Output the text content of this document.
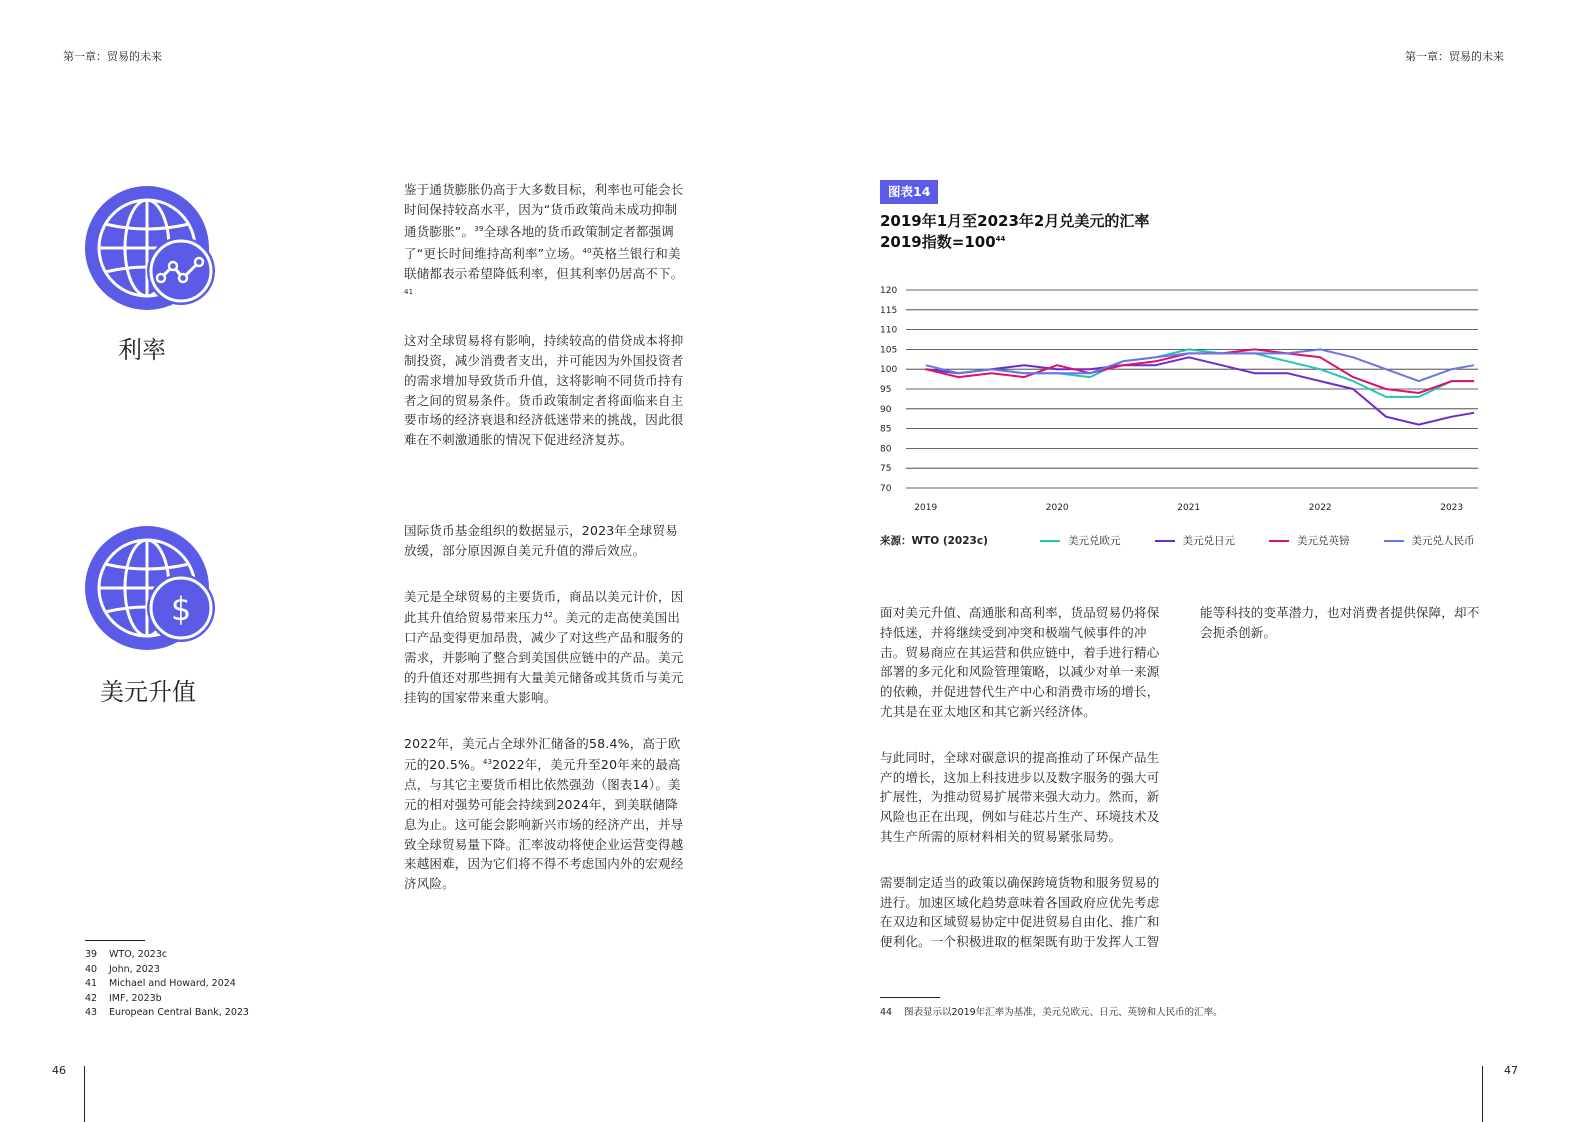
第一章：贸易的未来	第一章：贸易的未来
利率
$
美元升值

鉴于通货膨胀仍高于大多数目标，利率也可能会长时间保持较高水平，因为“货币政策尚未成功抑制通货膨胀”。$^{39}$全球各地的货币政策制定者都强调了“更长时间维持高利率”立场。$^{40}$英格兰银行和美联储都表示希望降低利率，但其利率仍居高不下。$^{41}$

这对全球贸易将有影响，持续较高的借贷成本将抑制投资，减少消费者支出，并可能因为外国投资者的需求增加导致货币升值，这将影响不同货币持有者之间的贸易条件。货币政策制定者将面临来自主要市场的经济衰退和经济低迷带来的挑战，因此很难在不刺激通胀的情况下促进经济复苏。

国际货币基金组织的数据显示，2023年全球贸易放缓，部分原因源自美元升值的滞后效应。

美元是全球贸易的主要货币，商品以美元计价，因此其升值给贸易带来压力$^{42}$。美元的走高使美国出口产品变得更加昂贵，减少了对这些产品和服务的需求，并影响了整合到美国供应链中的产品。美元的升值还对那些拥有大量美元储备或其货币与美元挂钩的国家带来重大影响。

2022年，美元占全球外汇储备的58.4%，高于欧元的20.5%。$^{43}$2022年，美元升至20年来的最高点，与其它主要货币相比依然强劲（图表14）。美元的相对强势可能会持续到2024年，到美联储降息为止。这可能会影响新兴市场的经济产出，并导致全球贸易量下降。汇率波动将使企业运营变得越来越困难，因为它们将不得不考虑国内外的宏观经济风险。

39 WTO, 2023c
40 John, 2023
41 Michael and Howard, 2024
42 IMF, 2023b
43 European Central Bank, 2023
46	47
图表14
2019年1月至2023年2月兑美元的汇率
2019指数$=100^{44}$
120
115
110
105
100
95
90
85
80
75
70
2019	2020	2021	2022	2023
来源：WTO (2023c)	美元兑欧元	美元兑日元	美元兑英镑	美元兑人民币

面对美元升值、高通胀和高利率，货品贸易仍将保持低迷，并将继续受到冲突和极端气候事件的冲击。贸易商应在其运营和供应链中，着手进行精心部署的多元化和风险管理策略，以减少对单一来源的依赖，并促进替代生产中心和消费市场的增长，尤其是在亚太地区和其它新兴经济体。

与此同时，全球对碳意识的提高推动了环保产品生产的增长，这加上科技进步以及数字服务的强大可扩展性，为推动贸易扩展带来强大动力。然而，新风险也正在出现，例如与硅芯片生产、环境技术及其生产所需的原材料相关的贸易紧张局势。

需要制定适当的政策以确保跨境货物和服务贸易的进行。加速区域化趋势意味着各国政府应优先考虑在双边和区域贸易协定中促进贸易自由化、推广和便利化。一个积极进取的框架既有助于发挥人工智

能等科技的变革潜力，也对消费者提供保障，却不会扼杀创新。

44 图表显示以2019年汇率为基准，美元兑欧元、日元、英镑和人民币的汇率。
